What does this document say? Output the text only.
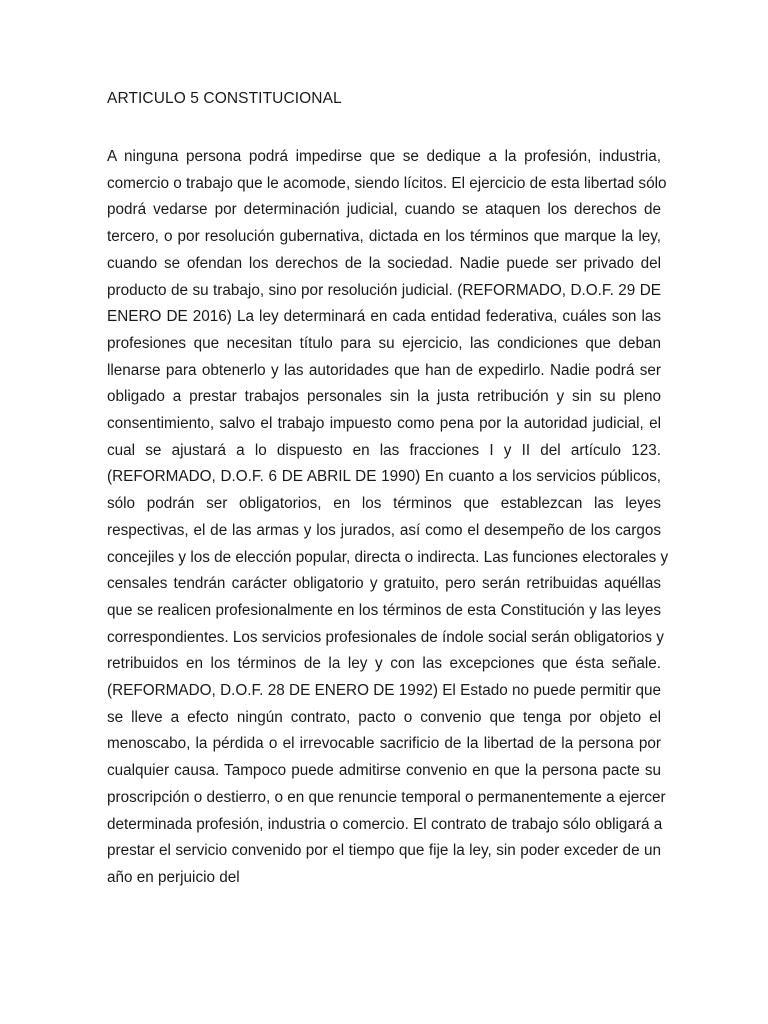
ARTICULO 5 CONSTITUCIONAL
A ninguna persona podrá impedirse que se dedique a la profesión, industria,
comercio o trabajo que le acomode, siendo lícitos. El ejercicio de esta libertad sólo
podrá vedarse por determinación judicial, cuando se ataquen los derechos de
tercero, o por resolución gubernativa, dictada en los términos que marque la ley,
cuando se ofendan los derechos de la sociedad. Nadie puede ser privado del
producto de su trabajo, sino por resolución judicial. (REFORMADO, D.O.F. 29 DE
ENERO DE 2016) La ley determinará en cada entidad federativa, cuáles son las
profesiones que necesitan título para su ejercicio, las condiciones que deban
llenarse para obtenerlo y las autoridades que han de expedirlo. Nadie podrá ser
obligado a prestar trabajos personales sin la justa retribución y sin su pleno
consentimiento, salvo el trabajo impuesto como pena por la autoridad judicial, el
cual se ajustará a lo dispuesto en las fracciones I y II del artículo 123.
(REFORMADO, D.O.F. 6 DE ABRIL DE 1990) En cuanto a los servicios públicos,
sólo podrán ser obligatorios, en los términos que establezcan las leyes
respectivas, el de las armas y los jurados, así como el desempeño de los cargos
concejiles y los de elección popular, directa o indirecta. Las funciones electorales y
censales tendrán carácter obligatorio y gratuito, pero serán retribuidas aquéllas
que se realicen profesionalmente en los términos de esta Constitución y las leyes
correspondientes. Los servicios profesionales de índole social serán obligatorios y
retribuidos en los términos de la ley y con las excepciones que ésta señale.
(REFORMADO, D.O.F. 28 DE ENERO DE 1992) El Estado no puede permitir que
se lleve a efecto ningún contrato, pacto o convenio que tenga por objeto el
menoscabo, la pérdida o el irrevocable sacrificio de la libertad de la persona por
cualquier causa. Tampoco puede admitirse convenio en que la persona pacte su
proscripción o destierro, o en que renuncie temporal o permanentemente a ejercer
determinada profesión, industria o comercio. El contrato de trabajo sólo obligará a
prestar el servicio convenido por el tiempo que fije la ley, sin poder exceder de un
año en perjuicio del
